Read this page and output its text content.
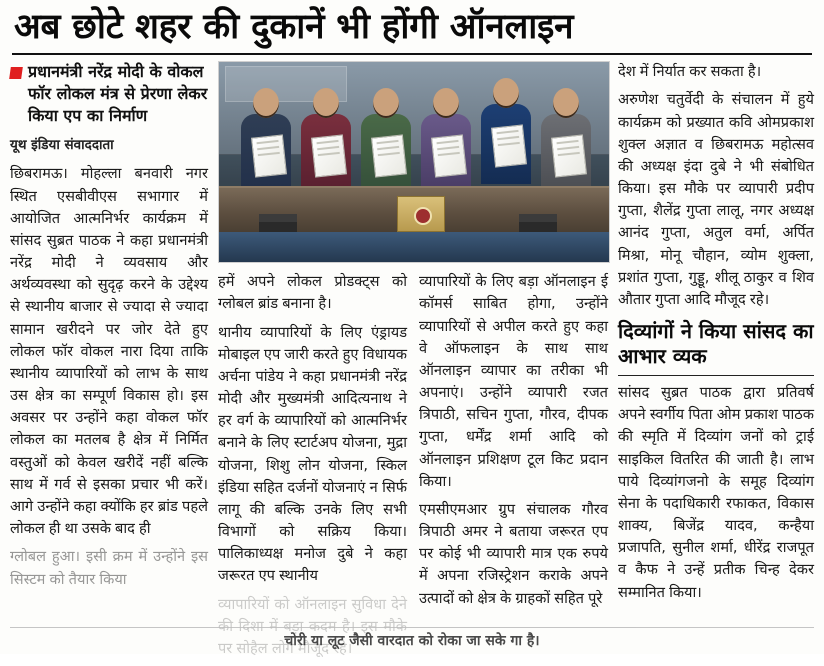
अब छोटे शहर की दुकानें भी होंगी ऑनलाइन
प्रधानमंत्री नरेंद्र मोदी के वोकल फॉर लोकल मंत्र से प्रेरणा लेकर किया एप का निर्माण
यूथ इंडिया संवाददाता

छिबरामऊ। मोहल्ला बनवारी नगर स्थित एसबीवीएस सभागार में आयोजित आत्मनिर्भर कार्यक्रम में सांसद सुब्रत पाठक ने कहा प्रधानमंत्री नरेंद्र मोदी ने व्यवसाय और अर्थव्यवस्था को सुदृढ़ करने के उद्देश्य से स्थानीय बाजार से ज्यादा से ज्यादा सामान खरीदने पर जोर देते हुए लोकल फॉर वोकल नारा दिया ताकि स्थानीय व्यापारियों को लाभ के साथ उस क्षेत्र का सम्पूर्ण विकास हो। इस अवसर पर उन्होंने कहा वोकल फॉर लोकल का मतलब है क्षेत्र में निर्मित वस्तुओं को केवल खरीदें नहीं बल्कि साथ में गर्व से इसका प्रचार भी करें। आगे उन्होंने कहा क्योंकि हर ब्रांड पहले लोकल ही था उसके बाद ही

ग्लोबल हुआ। इसी क्रम में उन्होंने इस सिस्टम को तैयार किया

हमें अपने लोकल प्रोडक्ट्स को ग्लोबल ब्रांड बनाना है।

थानीय व्यापारियों के लिए एंड्रायड मोबाइल एप जारी करते हुए विधायक अर्चना पांडेय ने कहा प्रधानमंत्री नरेंद्र मोदी और मुख्यमंत्री आदित्यनाथ ने हर वर्ग के व्यापारियों को आत्मनिर्भर बनाने के लिए स्टार्टअप योजना, मुद्रा योजना, शिशु लोन योजना, स्किल इंडिया सहित दर्जनों योजनाएं न सिर्फ लागू की बल्कि उनके लिए सभी विभागों को सक्रिय किया। पालिकाध्यक्ष मनोज दुबे ने कहा जरूरत एप स्थानीय

व्यापारियों को ऑनलाइन सुविधा देने की दिशा में बड़ा कदम है। इस मौके पर सोहैल लोग मौजूद रहे।

व्यापारियों के लिए बड़ा ऑनलाइन ई कॉमर्स साबित होगा, उन्होंने व्यापारियों से अपील करते हुए कहा वे ऑफलाइन के साथ साथ ऑनलाइन व्यापार का तरीका भी अपनाएं। उन्होंने व्यापारी रजत त्रिपाठी, सचिन गुप्ता, गौरव, दीपक गुप्ता, धर्मेंद्र शर्मा आदि को ऑनलाइन प्रशिक्षण टूल किट प्रदान किया।

एमसीएमआर ग्रुप संचालक गौरव त्रिपाठी अमर ने बताया जरूरत एप पर कोई भी व्यापारी मात्र एक रुपये में अपना रजिस्ट्रेशन कराके अपने उत्पादों को क्षेत्र के ग्राहकों सहित पूरे

देश में निर्यात कर सकता है।

अरुणेश चतुर्वेदी के संचालन में हुये कार्यक्रम को प्रख्यात कवि ओमप्रकाश शुक्ल अज्ञात व छिबरामऊ महोत्सव की अध्यक्ष इंदा दुबे ने भी संबोधित किया। इस मौके पर व्यापारी प्रदीप गुप्ता, शैलेंद्र गुप्ता लालू, नगर अध्यक्ष आनंद गुप्ता, अतुल वर्मा, अर्पित मिश्रा, मोनू चौहान, व्योम शुक्ला, प्रशांत गुप्ता, गुड्डू, शीलू ठाकुर व शिव औतार गुप्ता आदि मौजूद रहे।

दिव्यांगों ने किया सांसद का आभार व्यक

सांसद सुब्रत पाठक द्वारा प्रतिवर्ष अपने स्वर्गीय पिता ओम प्रकाश पाठक की स्मृति में दिव्यांग जनों को ट्राई साइकिल वितरित की जाती है। लाभ पाये दिव्यांगजनो के समूह दिव्यांग सेना के पदाधिकारी रफाकत, विकास शाक्य, बिजेंद्र यादव, कन्हैया प्रजापति, सुनील शर्मा, धीरेंद्र राजपूत व कैफ ने उन्हें प्रतीक चिन्ह देकर सम्मानित किया।

चोरी या लूट जैसी वारदात को रोका जा सके गा है।
